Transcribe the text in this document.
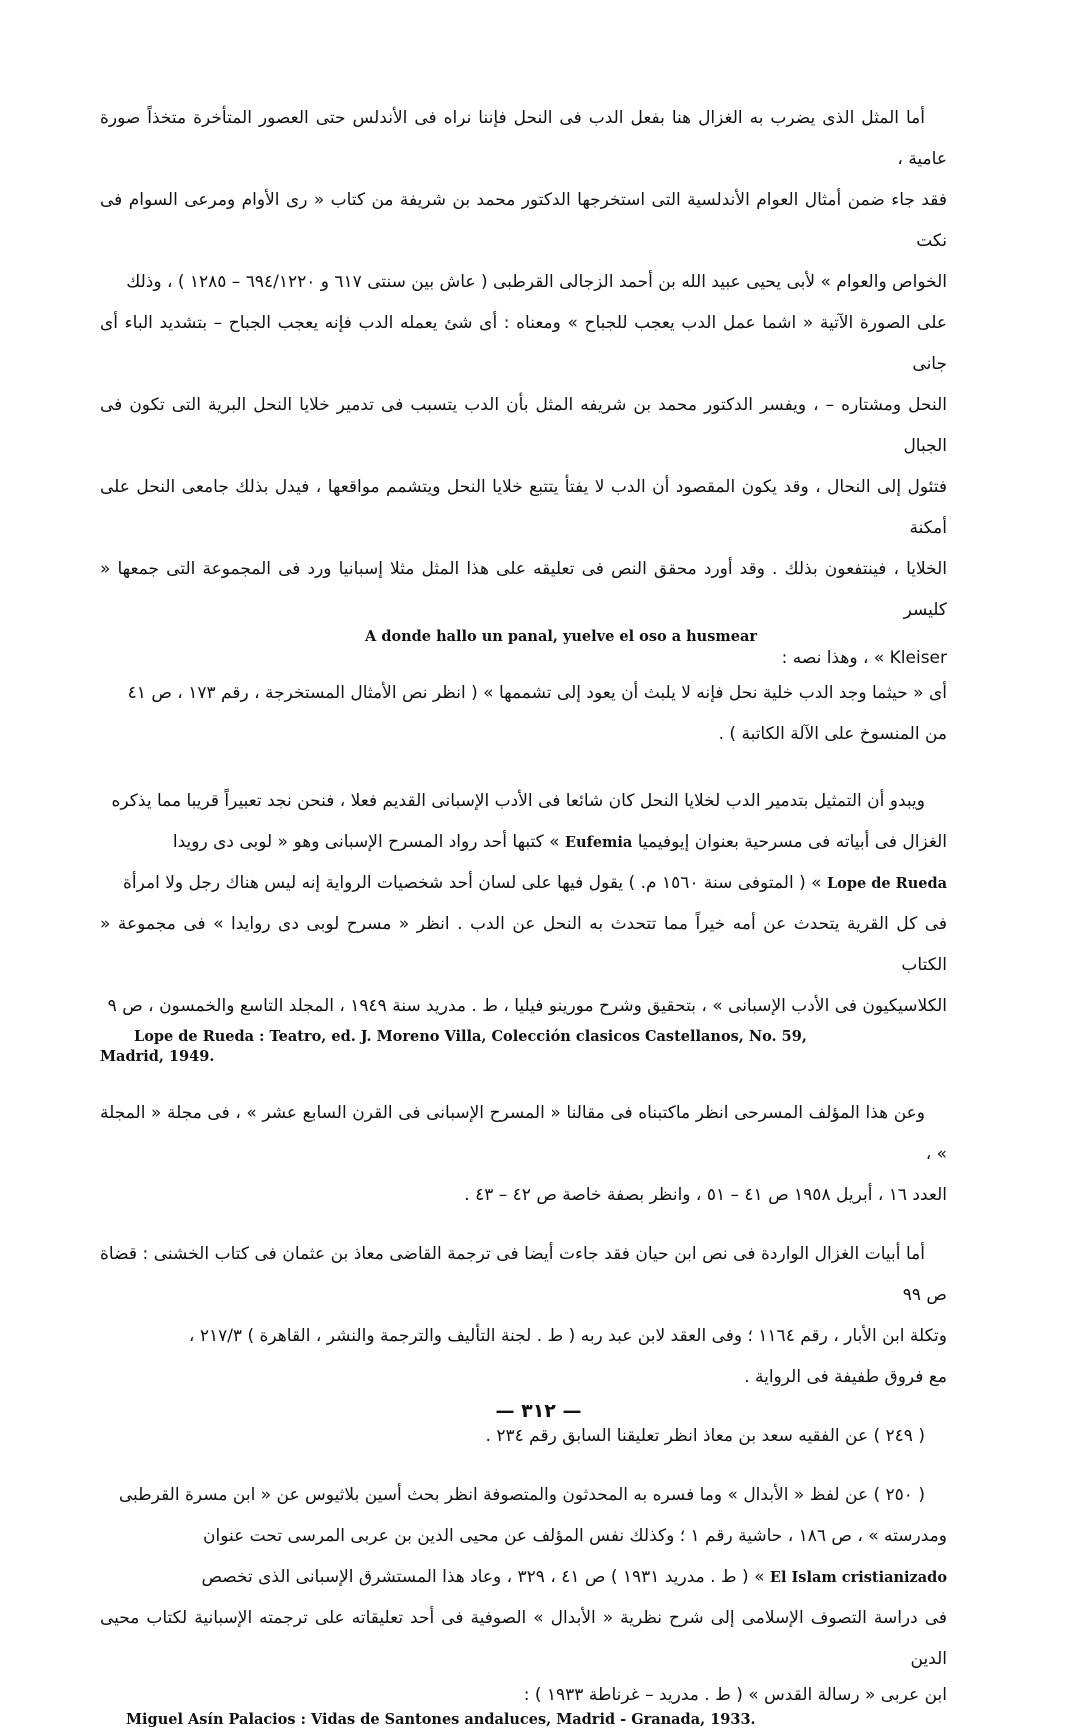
أما المثل الذى يضرب به الغزال هنا بفعل الدب فى النحل فإننا نراه فى الأندلس حتى العصور المتأخرة متخذاً صورة عامية ،

فقد جاء ضمن أمثال العوام الأندلسية التى استخرجها الدكتور محمد بن شريفة من كتاب « رى الأوام ومرعى السوام فى نكت

الخواص والعوام » لأبى يحيى عبيد الله بن أحمد الزجالى القرطبى ( عاش بين سنتى ٦١٧ و ٦٩٤/١٢٢٠ – ١٢٨٥ ) ، وذلك

على الصورة الآتية « اشما عمل الدب يعجب للجباح » ومعناه : أى شئ يعمله الدب فإنه يعجب الجباح – بتشديد الباء أى جانى

النحل ومشتاره – ، ويفسر الدكتور محمد بن شريفه المثل بأن الدب يتسبب فى تدمير خلايا النحل البرية التى تكون فى الجبال

فتئول إلى النحال ، وقد يكون المقصود أن الدب لا يفتأ يتتبع خلايا النحل ويتشمم مواقعها ، فيدل بذلك جامعى النحل على أمكنة

الخلايا ، فينتفعون بذلك . وقد أورد محقق النص فى تعليقه على هذا المثل مثلا إسبانيا ورد فى المجموعة التى جمعها « كليسر

A donde hallo un panal, yuelve el oso a husmear

Kleiser » ، وهذا نصه :

أى « حيثما وجد الدب خلية نحل فإنه لا يلبث أن يعود إلى تشممها » ( انظر نص الأمثال المستخرجة ، رقم ١٧٣ ، ص ٤١

من المنسوخ على الآلة الكاتبة ) .

ويبدو أن التمثيل بتدمير الدب لخلايا النحل كان شائعا فى الأدب الإسبانى القديم فعلا ، فنحن نجد تعبيراً قريبا مما يذكره

الغزال فى أبياته فى مسرحية بعنوان إيوفيميا Eufemia » كتبها أحد رواد المسرح الإسبانى وهو « لوبى دى رويدا

Lope de Rueda » ( المتوفى سنة ١٥٦٠ م. ) يقول فيها على لسان أحد شخصيات الرواية إنه ليس هناك رجل ولا امرأة

فى كل القرية يتحدث عن أمه خيراً مما تتحدث به النحل عن الدب . انظر « مسرح لوبى دى روايدا » فى مجموعة « الكتاب

الكلاسيكيون فى الأدب الإسبانى » ، بتحقيق وشرح مورينو فيليا ، ط . مدريد سنة ١٩٤٩ ، المجلد التاسع والخمسون ، ص ٩

Lope de Rueda : Teatro, ed. J. Moreno Villa, Colección clasicos Castellanos, No. 59,

Madrid, 1949.

وعن هذا المؤلف المسرحى انظر ماكتبناه فى مقالنا « المسرح الإسبانى فى القرن السابع عشر » ، فى مجلة « المجلة » ،

العدد ١٦ ، أبريل ١٩٥٨ ص ٤١ – ٥١ ، وانظر بصفة خاصة ص ٤٢ – ٤٣ .

أما أبيات الغزال الواردة فى نص ابن حيان فقد جاءت أيضا فى ترجمة القاضى معاذ بن عثمان فى كتاب الخشنى : قضاة ص ٩٩

وتكلة ابن الأبار ، رقم ١١٦٤ ؛ وفى العقد لابن عبد ربه ( ط . لجنة التأليف والترجمة والنشر ، القاهرة ) ٢١٧/٣ ،

مع فروق طفيفة فى الرواية .

( ٢٤٩ ) عن الفقيه سعد بن معاذ انظر تعليقنا السابق رقم ٢٣٤ .

( ٢٥٠ ) عن لفظ « الأبدال » وما فسره به المحدثون والمتصوفة انظر بحث أسين بلاثيوس عن « ابن مسرة القرطبى

ومدرسته » ، ص ١٨٦ ، حاشية رقم ١ ؛ وكذلك نفس المؤلف عن محيى الدين بن عربى المرسى تحت عنوان

El Islam cristianizado » ( ط . مدريد ١٩٣١ ) ص ٤١ ، ٣٢٩ ، وعاد هذا المستشرق الإسبانى الذى تخصص

فى دراسة التصوف الإسلامى إلى شرح نظرية « الأبدال » الصوفية فى أحد تعليقاته على ترجمته الإسبانية لكتاب محيى الدين

ابن عربى « رسالة القدس » ( ط . مدريد – غرناطة ١٩٣٣ ) :

Miguel Asín Palacios : Vidas de Santones andaluces, Madrid - Granada, 1933.

— ٣١٢ —
